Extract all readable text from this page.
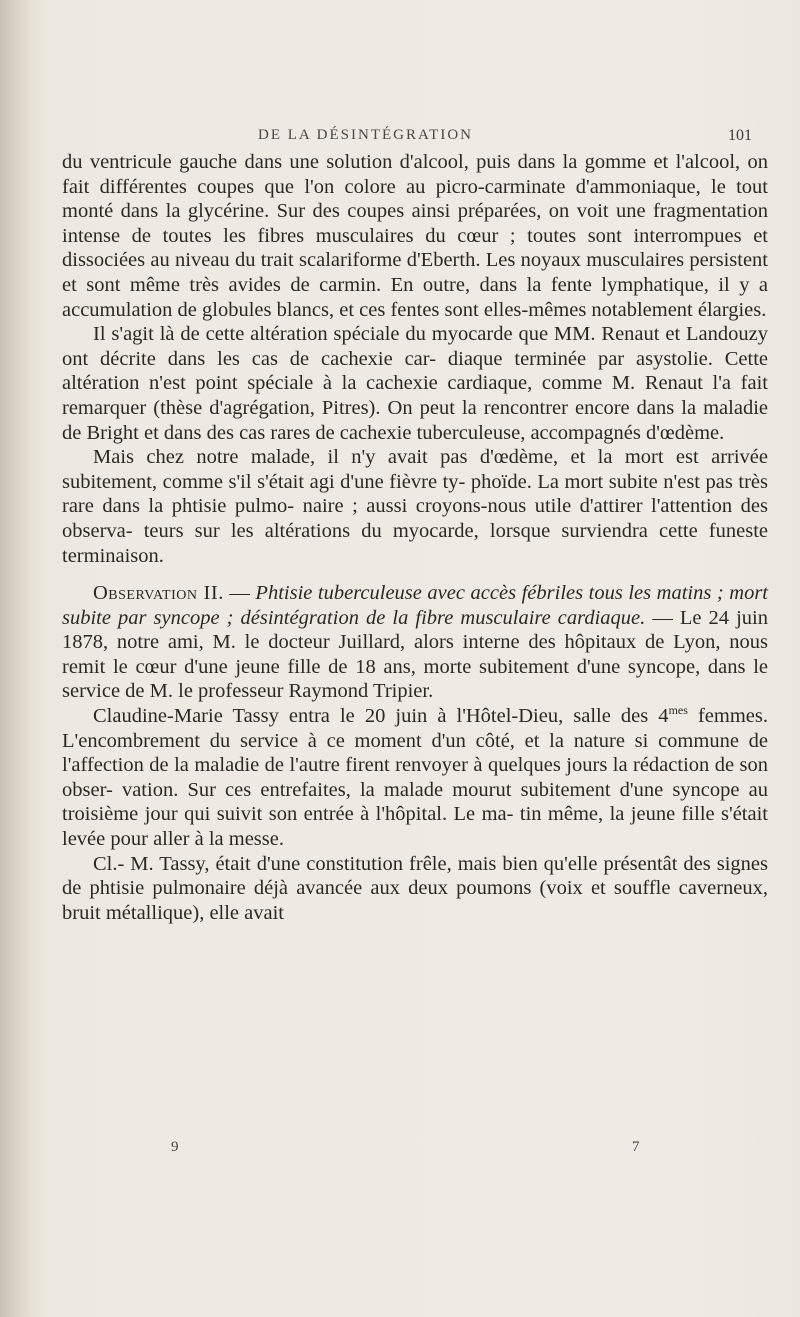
DE LA DÉSINTÉGRATION	101

du ventricule gauche dans une solution d'alcool, puis dans la gomme et l'alcool, on fait différentes coupes que l'on colore au picro-carminate d'ammoniaque, le tout monté dans la glycérine. Sur des coupes ainsi préparées, on voit une fragmentation intense de toutes les fibres musculaires du cœur ; toutes sont interrompues et dissociées au niveau du trait scalariforme d'Eberth. Les noyaux musculaires persistent et sont même très avides de carmin. En outre, dans la fente lymphatique, il y a accumulation de globules blancs, et ces fentes sont elles-mêmes notablement élargies.

Il s'agit là de cette altération spéciale du myocarde que MM. Renaut et Landouzy ont décrite dans les cas de cachexie car- diaque terminée par asystolie. Cette altération n'est point spéciale à la cachexie cardiaque, comme M. Renaut l'a fait remarquer (thèse d'agrégation, Pitres). On peut la rencontrer encore dans la maladie de Bright et dans des cas rares de cachexie tuberculeuse, accompagnés d'œdème.

Mais chez notre malade, il n'y avait pas d'œdème, et la mort est arrivée subitement, comme s'il s'était agi d'une fièvre ty- phoïde. La mort subite n'est pas très rare dans la phtisie pulmo- naire ; aussi croyons-nous utile d'attirer l'attention des observa- teurs sur les altérations du myocarde, lorsque surviendra cette funeste terminaison.

Observation II. — Phtisie tuberculeuse avec accès fébriles tous les matins ; mort subite par syncope ; désintégration de la fibre musculaire cardiaque. — Le 24 juin 1878, notre ami, M. le docteur Juillard, alors interne des hôpitaux de Lyon, nous remit le cœur d'une jeune fille de 18 ans, morte subitement d'une syncope, dans le service de M. le professeur Raymond Tripier.

Claudine-Marie Tassy entra le 20 juin à l'Hôtel-Dieu, salle des $4^{mes}$ femmes. L'encombrement du service à ce moment d'un côté, et la nature si commune de l'affection de la maladie de l'autre firent renvoyer à quelques jours la rédaction de son obser- vation. Sur ces entrefaites, la malade mourut subitement d'une syncope au troisième jour qui suivit son entrée à l'hôpital. Le ma- tin même, la jeune fille s'était levée pour aller à la messe.

Cl.- M. Tassy, était d'une constitution frêle, mais bien qu'elle présentât des signes de phtisie pulmonaire déjà avancée aux deux poumons (voix et souffle caverneux, bruit métallique), elle avait

9	7
